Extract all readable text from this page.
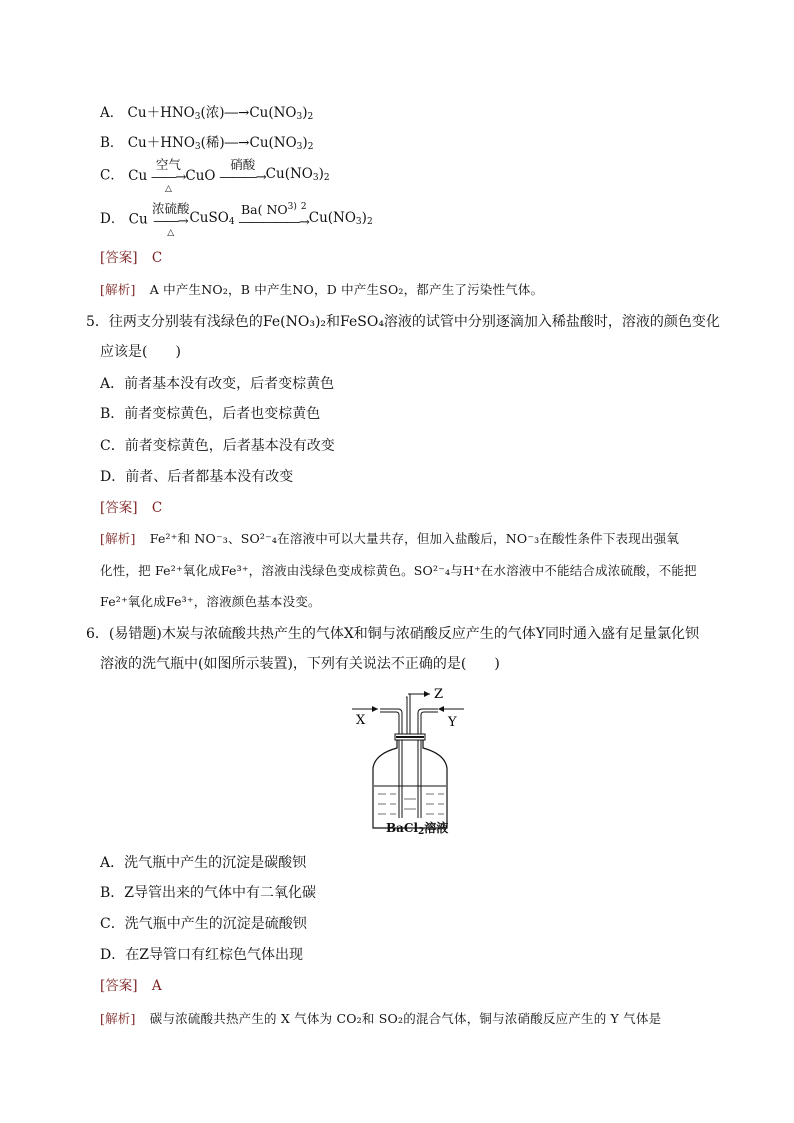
A． $Cu+HNO_3$(浓)$―\to Cu(NO_3)_2$
B． $Cu+HNO_3$(稀)$―\to Cu(NO_3)_2$
C． Cu
空气
――→
△
CuO
硝酸
―――→
$Cu(NO_3)_2$
D． Cu
浓硫酸
――→
△
CuSO$_4$
Ba( NO$^{3)}$ $^2$
―――――→
$Cu(NO_3)_2$
[答案] C
[解析] A 中产生NO₂，B 中产生NO，D 中产生SO₂，都产生了污染性气体。
5．往两支分别装有浅绿色的Fe(NO₃)₂和FeSO₄溶液的试管中分别逐滴加入稀盐酸时，溶液的颜色变化
应该是(　　)
A．前者基本没有改变，后者变棕黄色
B．前者变棕黄色，后者也变棕黄色
C．前者变棕黄色，后者基本没有改变
D．前者、后者都基本没有改变
[答案] C
[解析] Fe²⁺和 NO⁻₃、SO²⁻₄在溶液中可以大量共存，但加入盐酸后，NO⁻₃在酸性条件下表现出强氧
化性，把 Fe²⁺氧化成Fe³⁺，溶液由浅绿色变成棕黄色。SO²⁻₄与H⁺在水溶液中不能结合成浓硫酸，不能把
Fe²⁺氧化成Fe³⁺，溶液颜色基本没变。
6．(易错题)木炭与浓硫酸共热产生的气体X和铜与浓硝酸反应产生的气体Y同时通入盛有足量氯化钡
溶液的洗气瓶中(如图所示装置)，下列有关说法不正确的是(　　)
X	Y
Z
BaCl$_2$溶液
A．洗气瓶中产生的沉淀是碳酸钡
B．Z导管出来的气体中有二氧化碳
C．洗气瓶中产生的沉淀是硫酸钡
D．在Z导管口有红棕色气体出现
[答案] A
[解析] 碳与浓硫酸共热产生的 X 气体为 CO₂和 SO₂的混合气体，铜与浓硝酸反应产生的 Y 气体是
